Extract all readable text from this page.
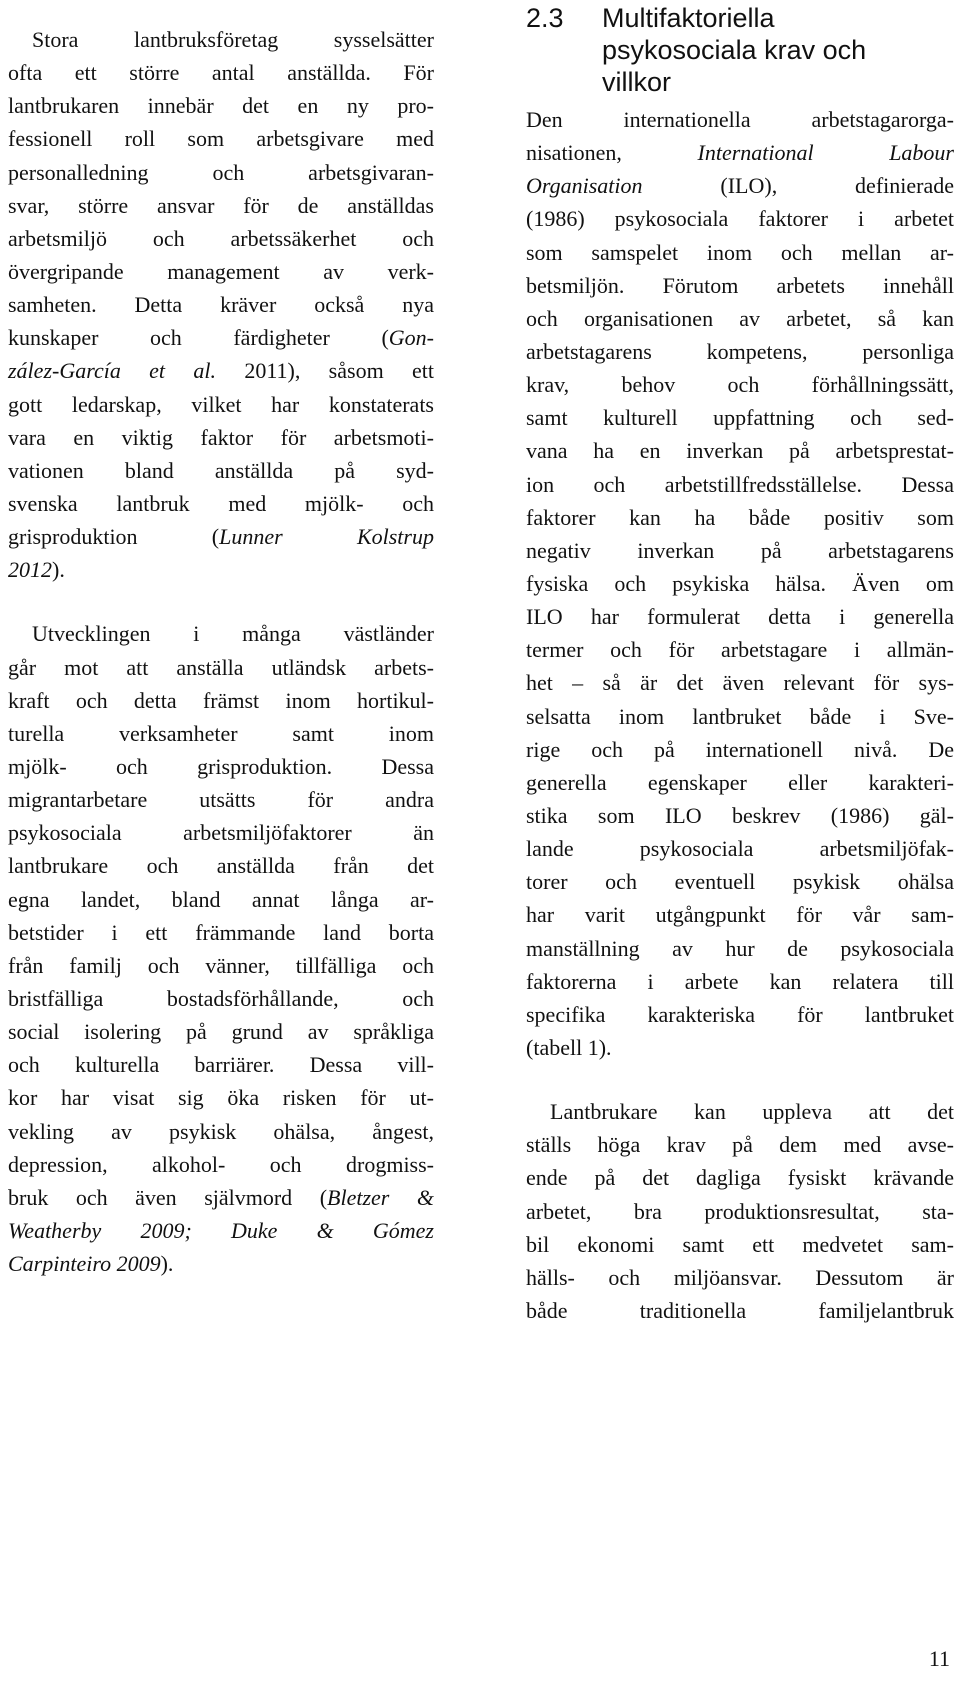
Stora lantbruksföretag sysselsätter
ofta ett större antal anställda. För
lantbrukaren innebär det en ny pro-
fessionell roll som arbetsgivare med
personalledning och arbetsgivaran-
svar, större ansvar för de anställdas
arbetsmiljö och arbetssäkerhet och
övergripande management av verk-
samheten. Detta kräver också nya
kunskaper och färdigheter (Gon-
zález-García et al. 2011), såsom ett
gott ledarskap, vilket har konstaterats
vara en viktig faktor för arbetsmoti-
vationen bland anställda på syd-
svenska lantbruk med mjölk- och
grisproduktion (Lunner Kolstrup
2012).
Utvecklingen i många västländer
går mot att anställa utländsk arbets-
kraft och detta främst inom hortikul-
turella verksamheter samt inom
mjölk- och grisproduktion. Dessa
migrantarbetare utsätts för andra
psykosociala arbetsmiljöfaktorer än
lantbrukare och anställda från det
egna landet, bland annat långa ar-
betstider i ett främmande land borta
från familj och vänner, tillfälliga och
bristfälliga bostadsförhållande, och
social isolering på grund av språkliga
och kulturella barriärer. Dessa vill-
kor har visat sig öka risken för ut-
vekling av psykisk ohälsa, ångest,
depression, alkohol- och drogmiss-
bruk och även självmord (Bletzer &
Weatherby 2009; Duke & Gómez
Carpinteiro 2009).
2.3 Multifaktoriella
psykosociala krav och
villkor
Den internationella arbetstagarorga-
nisationen, International Labour
Organisation (ILO), definierade
(1986) psykosociala faktorer i arbetet
som samspelet inom och mellan ar-
betsmiljön. Förutom arbetets innehåll
och organisationen av arbetet, så kan
arbetstagarens kompetens, personliga
krav, behov och förhållningssätt,
samt kulturell uppfattning och sed-
vana ha en inverkan på arbetsprestat-
ion och arbetstillfredsställelse. Dessa
faktorer kan ha både positiv som
negativ inverkan på arbetstagarens
fysiska och psykiska hälsa. Även om
ILO har formulerat detta i generella
termer och för arbetstagare i allmän-
het – så är det även relevant för sys-
selsatta inom lantbruket både i Sve-
rige och på internationell nivå. De
generella egenskaper eller karakteri-
stika som ILO beskrev (1986) gäl-
lande psykosociala arbetsmiljöfak-
torer och eventuell psykisk ohälsa
har varit utgångpunkt för vår sam-
manställning av hur de psykosociala
faktorerna i arbete kan relatera till
specifika karakteriska för lantbruket
(tabell 1).
Lantbrukare kan uppleva att det
ställs höga krav på dem med avse-
ende på det dagliga fysiskt krävande
arbetet, bra produktionsresultat, sta-
bil ekonomi samt ett medvetet sam-
hälls- och miljöansvar. Dessutom är
både traditionella familjelantbruk
11
